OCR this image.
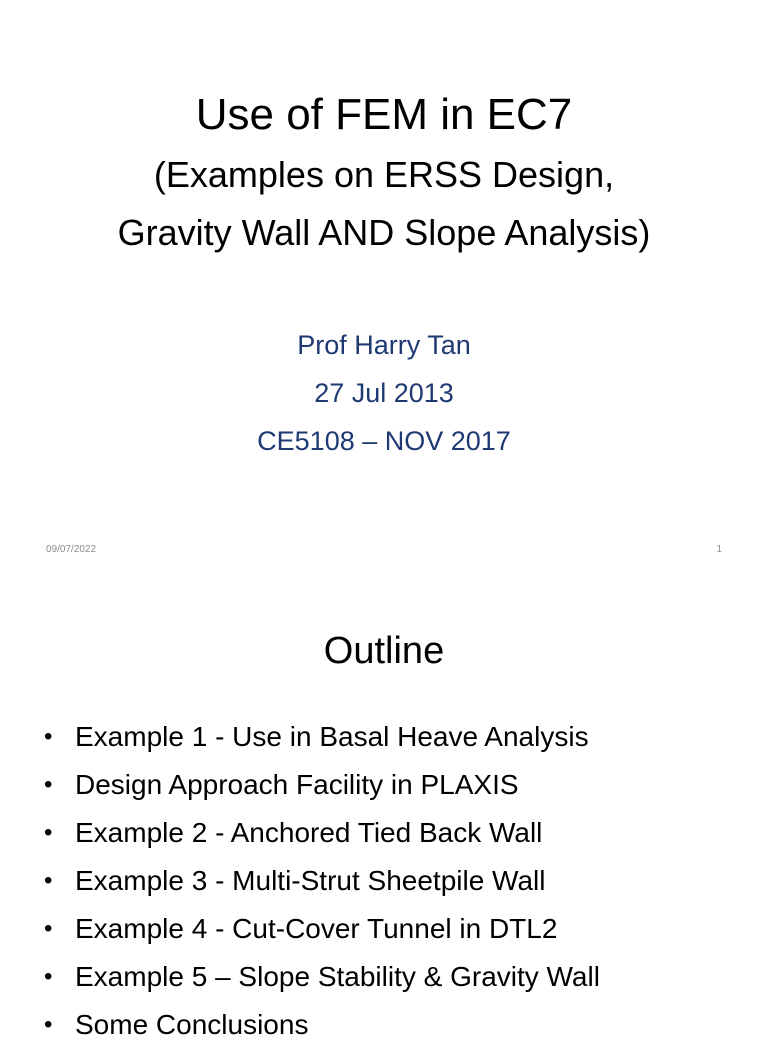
Use of FEM in EC7

(Examples on ERSS Design,

Gravity Wall AND Slope Analysis)

Prof Harry Tan

27 Jul 2013

CE5108 – NOV 2017

09/07/2022	1
Outline
• Example 1 - Use in Basal Heave Analysis
• Design Approach Facility in PLAXIS
• Example 2 - Anchored Tied Back Wall
• Example 3 - Multi-Strut Sheetpile Wall
• Example 4 - Cut-Cover Tunnel in DTL2
• Example 5 – Slope Stability & Gravity Wall
• Some Conclusions
